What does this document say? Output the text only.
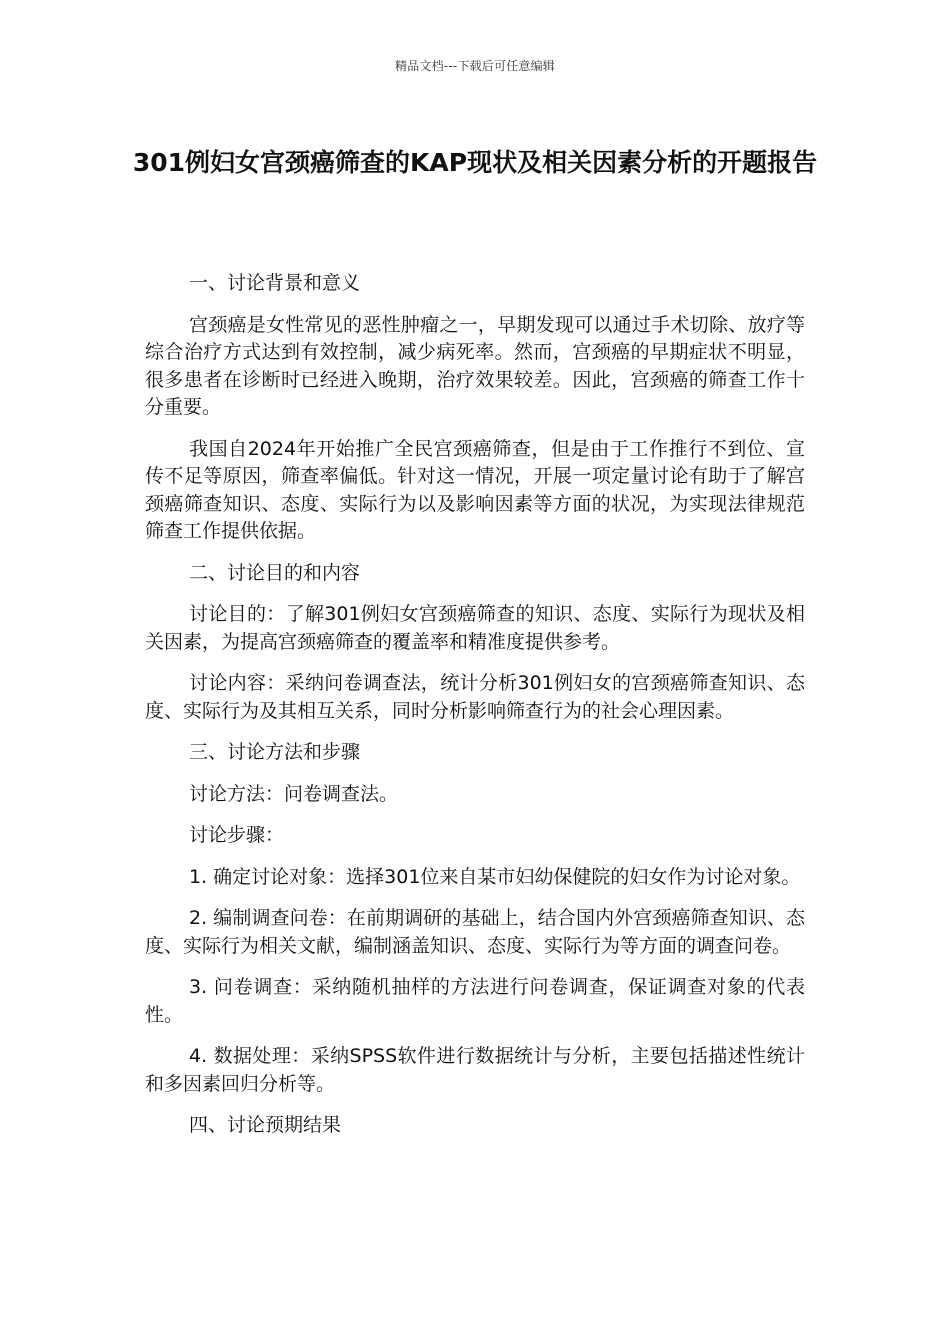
精品文档---下载后可任意编辑
301例妇女宫颈癌筛查的KAP现状及相关因素分析的开题报告

一、讨论背景和意义

宫颈癌是女性常见的恶性肿瘤之一，早期发现可以通过手术切除、放疗等综合治疗方式达到有效控制，减少病死率。然而，宫颈癌的早期症状不明显，很多患者在诊断时已经进入晚期，治疗效果较差。因此，宫颈癌的筛查工作十分重要。

我国自2024年开始推广全民宫颈癌筛查，但是由于工作推行不到位、宣传不足等原因，筛查率偏低。针对这一情况，开展一项定量讨论有助于了解宫颈癌筛查知识、态度、实际行为以及影响因素等方面的状况，为实现法律规范筛查工作提供依据。

二、讨论目的和内容

讨论目的：了解301例妇女宫颈癌筛查的知识、态度、实际行为现状及相关因素，为提高宫颈癌筛查的覆盖率和精准度提供参考。

讨论内容：采纳问卷调查法，统计分析301例妇女的宫颈癌筛查知识、态度、实际行为及其相互关系，同时分析影响筛查行为的社会心理因素。

三、讨论方法和步骤

讨论方法：问卷调查法。

讨论步骤：

1. 确定讨论对象：选择301位来自某市妇幼保健院的妇女作为讨论对象。

2. 编制调查问卷：在前期调研的基础上，结合国内外宫颈癌筛查知识、态度、实际行为相关文献，编制涵盖知识、态度、实际行为等方面的调查问卷。

3. 问卷调查：采纳随机抽样的方法进行问卷调查，保证调查对象的代表性。

4. 数据处理：采纳SPSS软件进行数据统计与分析，主要包括描述性统计和多因素回归分析等。

四、讨论预期结果
